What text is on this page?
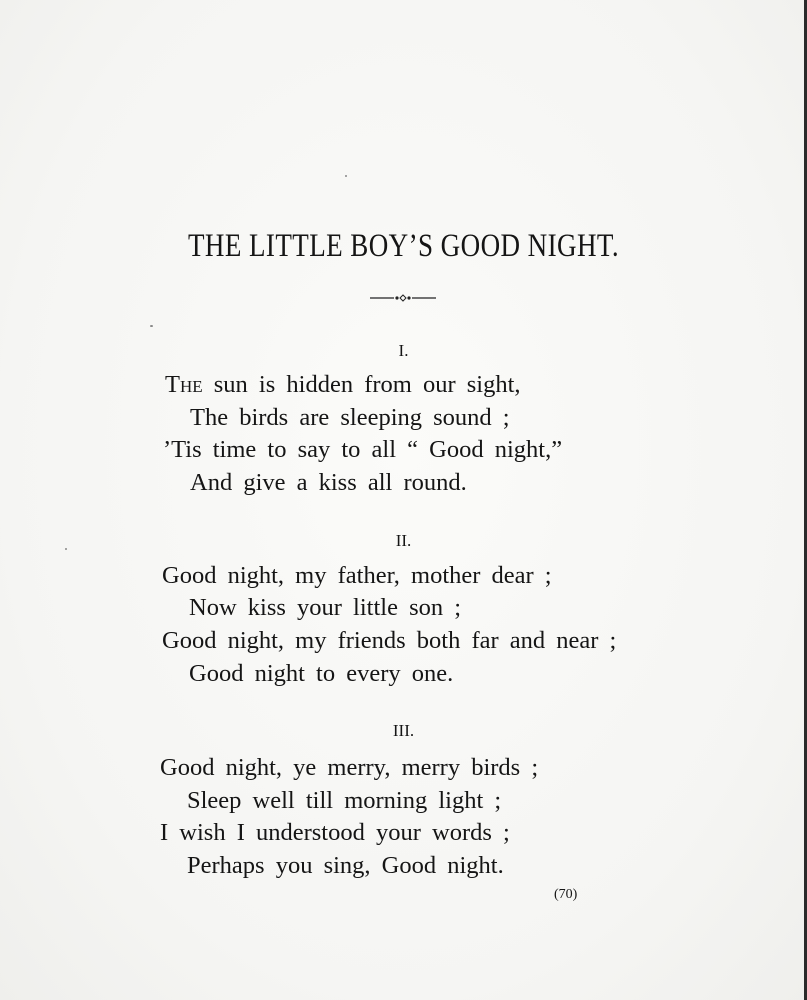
THE LITTLE BOY’S GOOD NIGHT.
I.
The sun is hidden from our sight,
The birds are sleeping sound ;
’Tis time to say to all “ Good night,”
And give a kiss all round.
II.
Good night, my father, mother dear ;
Now kiss your little son ;
Good night, my friends both far and near ;
Good night to every one.
III.
Good night, ye merry, merry birds ;
Sleep well till morning light ;
I wish I understood your words ;
Perhaps you sing, Good night.
(70)
